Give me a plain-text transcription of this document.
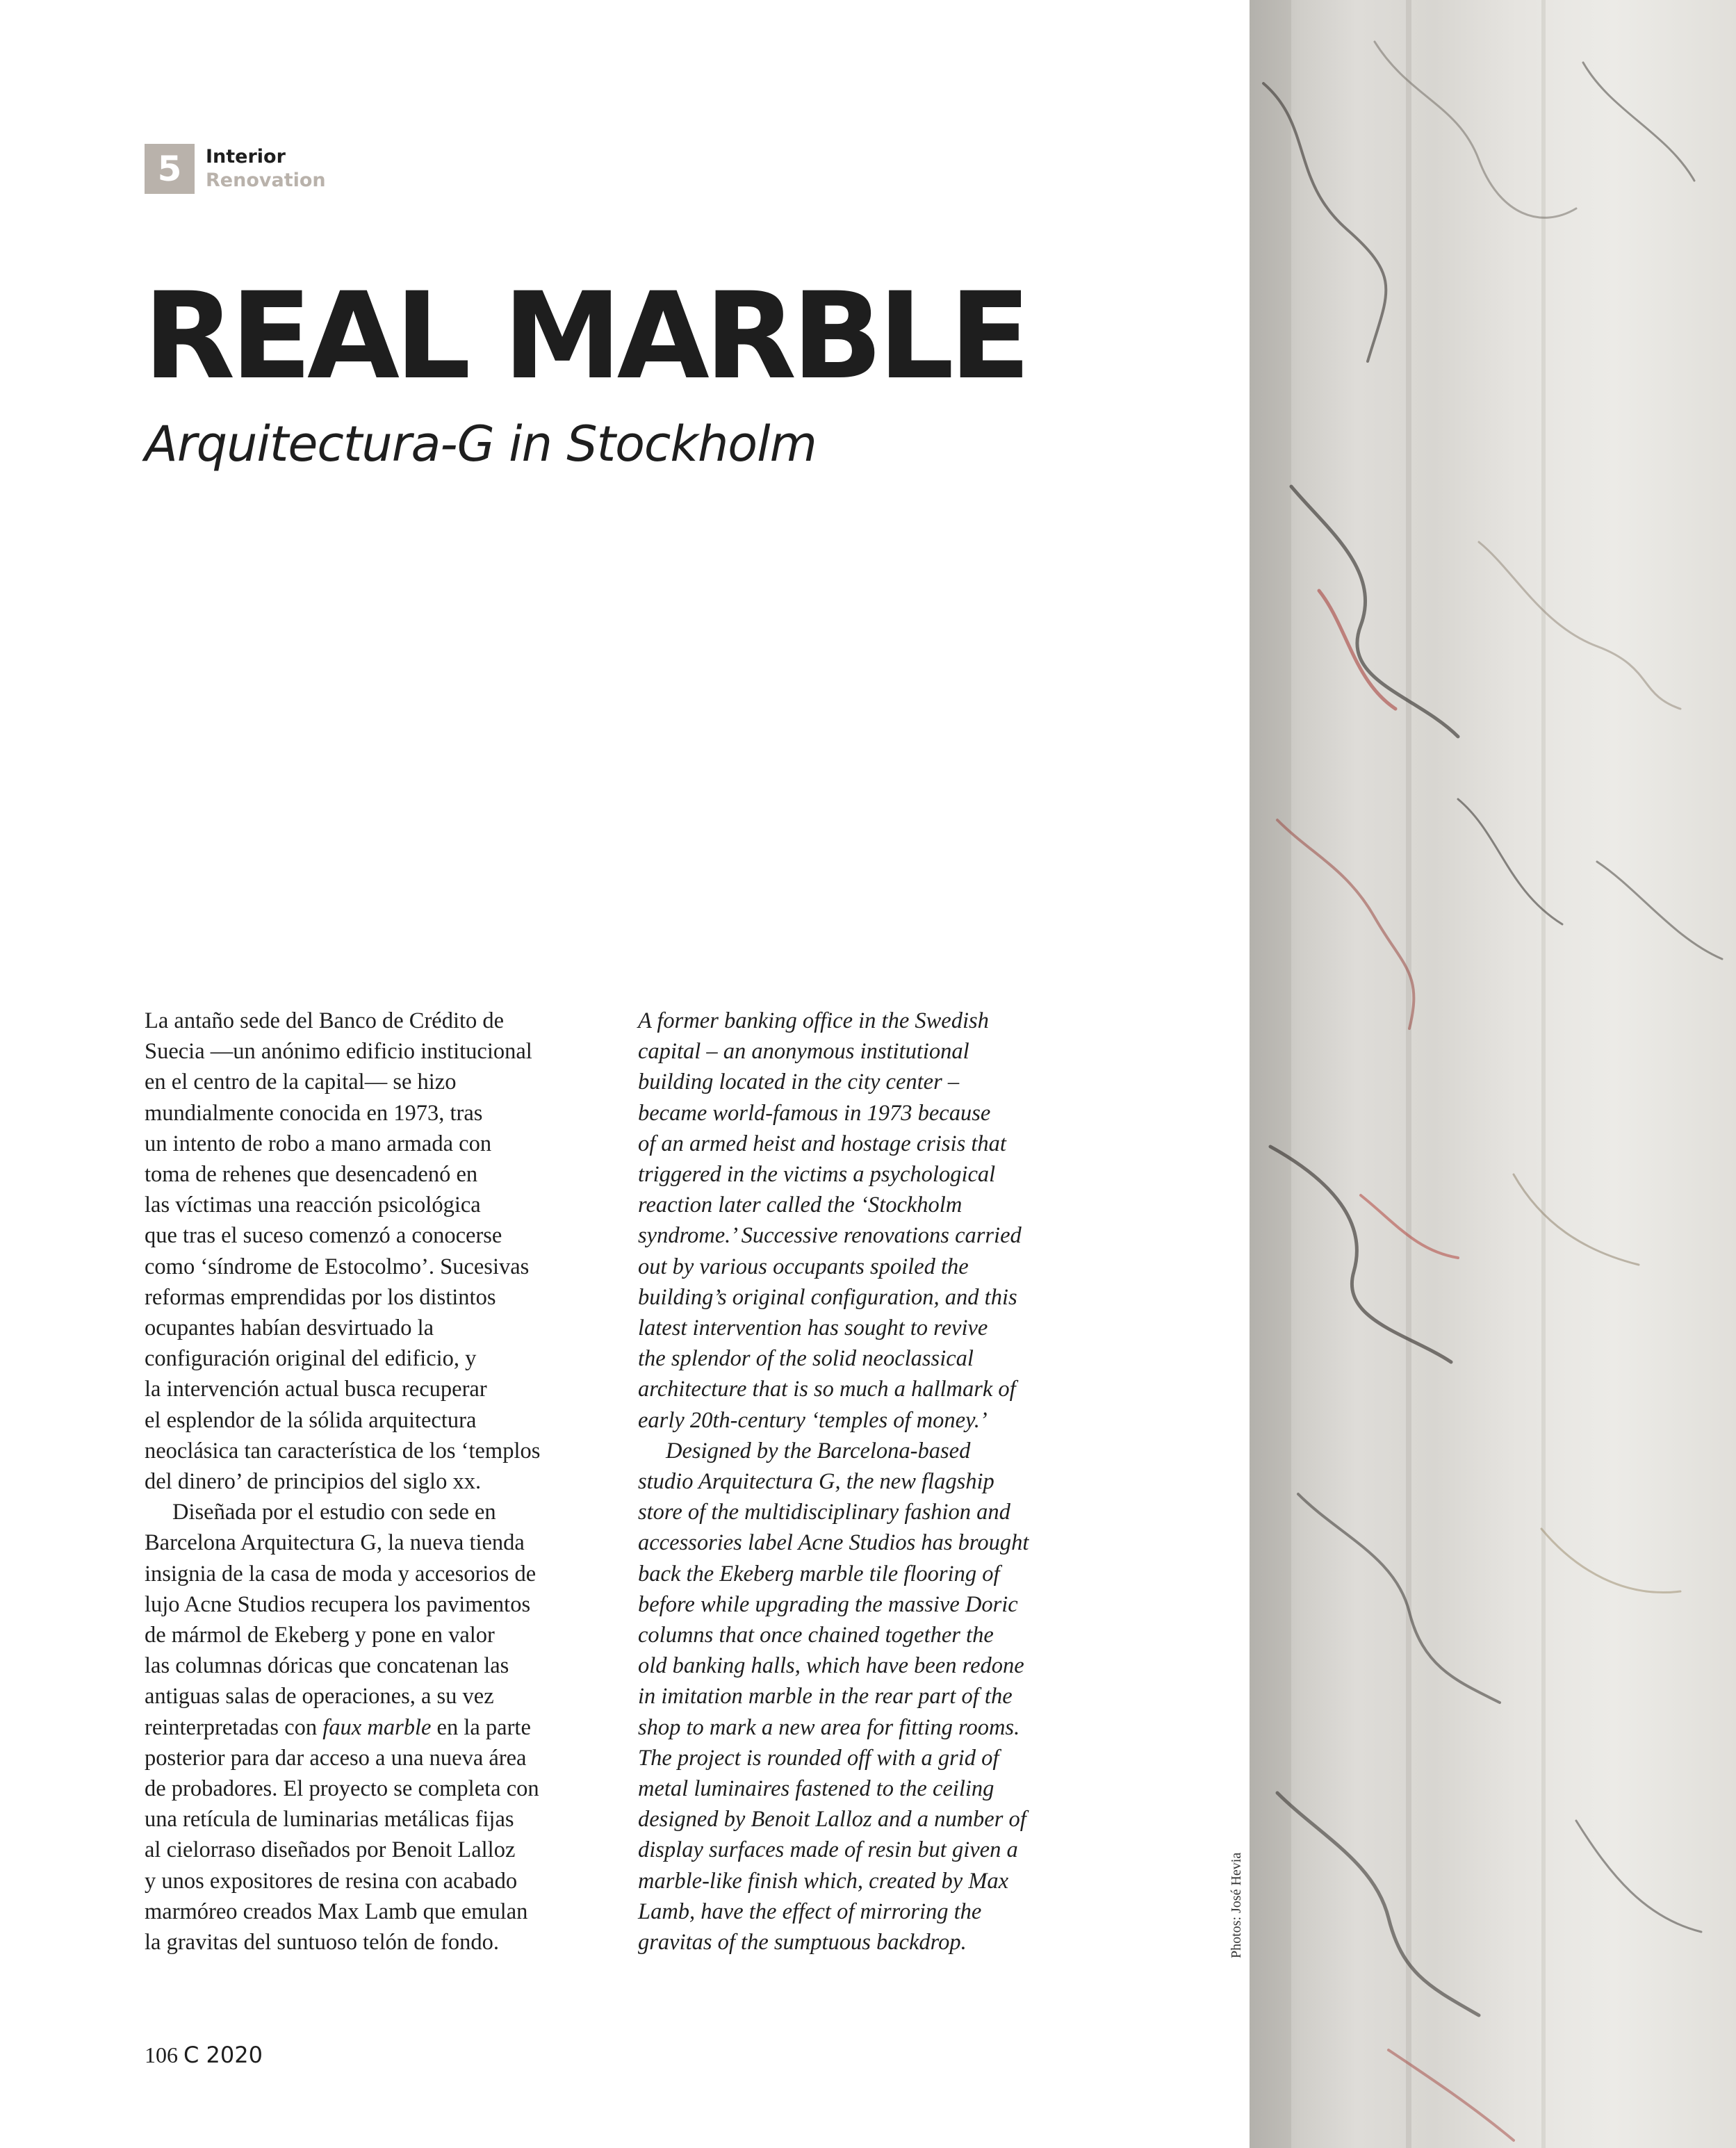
5	Interior
Renovation
REAL MARBLE
Arquitectura-G in Stockholm
La antaño sede del Banco de Crédito de
Suecia —un anónimo edificio institucional
en el centro de la capital— se hizo
mundialmente conocida en 1973, tras
un intento de robo a mano armada con
toma de rehenes que desencadenó en
las víctimas una reacción psicológica
que tras el suceso comenzó a conocerse
como ‘síndrome de Estocolmo’. Sucesivas
reformas emprendidas por los distintos
ocupantes habían desvirtuado la
configuración original del edificio, y
la intervención actual busca recuperar
el esplendor de la sólida arquitectura
neoclásica tan característica de los ‘templos
del dinero’ de principios del siglo xx.
Diseñada por el estudio con sede en
Barcelona Arquitectura G, la nueva tienda
insignia de la casa de moda y accesorios de
lujo Acne Studios recupera los pavimentos
de mármol de Ekeberg y pone en valor
las columnas dóricas que concatenan las
antiguas salas de operaciones, a su vez
reinterpretadas con faux marble en la parte
posterior para dar acceso a una nueva área
de probadores. El proyecto se completa con
una retícula de luminarias metálicas fijas
al cielorraso diseñados por Benoit Lalloz
y unos expositores de resina con acabado
marmóreo creados Max Lamb que emulan
la gravitas del suntuoso telón de fondo.
A former banking office in the Swedish
capital – an anonymous institutional
building located in the city center –
became world-famous in 1973 because
of an armed heist and hostage crisis that
triggered in the victims a psychological
reaction later called the ‘Stockholm
syndrome.’ Successive renovations carried
out by various occupants spoiled the
building’s original configuration, and this
latest intervention has sought to revive
the splendor of the solid neoclassical
architecture that is so much a hallmark of
early 20th-century ‘temples of money.’
Designed by the Barcelona-based
studio Arquitectura G, the new flagship
store of the multidisciplinary fashion and
accessories label Acne Studios has brought
back the Ekeberg marble tile flooring of
before while upgrading the massive Doric
columns that once chained together the
old banking halls, which have been redone
in imitation marble in the rear part of the
shop to mark a new area for fitting rooms.
The project is rounded off with a grid of
metal luminaires fastened to the ceiling
designed by Benoit Lalloz and a number of
display surfaces made of resin but given a
marble-like finish which, created by Max
Lamb, have the effect of mirroring the
gravitas of the sumptuous backdrop.
106 C 2020
Photos: José Hevia
